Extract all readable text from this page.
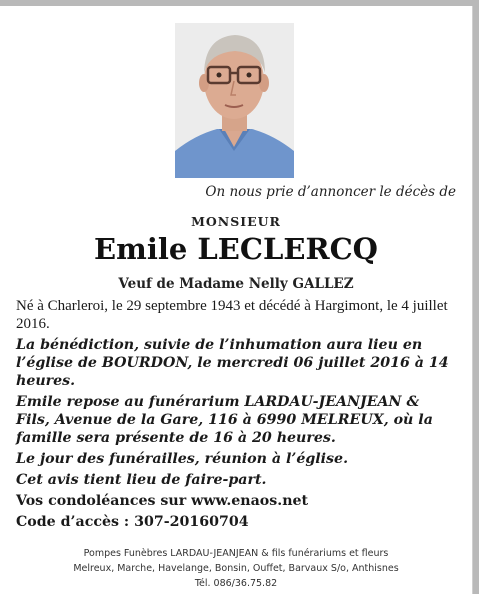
On nous prie d’annoncer le décès de
MONSIEUR
Emile LECLERCQ
Veuf de Madame Nelly GALLEZ

Né à Charleroi, le 29 septembre 1943 et décédé à Hargimont, le 4 juillet 2016.

La bénédiction, suivie de l’inhumation aura lieu en l’église de BOURDON, le mercredi 06 juillet 2016 à 14 heures.

Emile repose au funérarium LARDAU-JEANJEAN & Fils, Avenue de la Gare, 116 à 6990 MELREUX, où la famille sera présente de 16 à 20 heures.

Le jour des funérailles, réunion à l’église.

Cet avis tient lieu de faire-part.

Vos condoléances sur www.enaos.net

Code d’accès : 307-20160704

Pompes Funèbres LARDAU-JEANJEAN & fils funérariums et fleurs
Melreux, Marche, Havelange, Bonsin, Ouffet, Barvaux S/o, Anthisnes
Tél. 086/36.75.82
